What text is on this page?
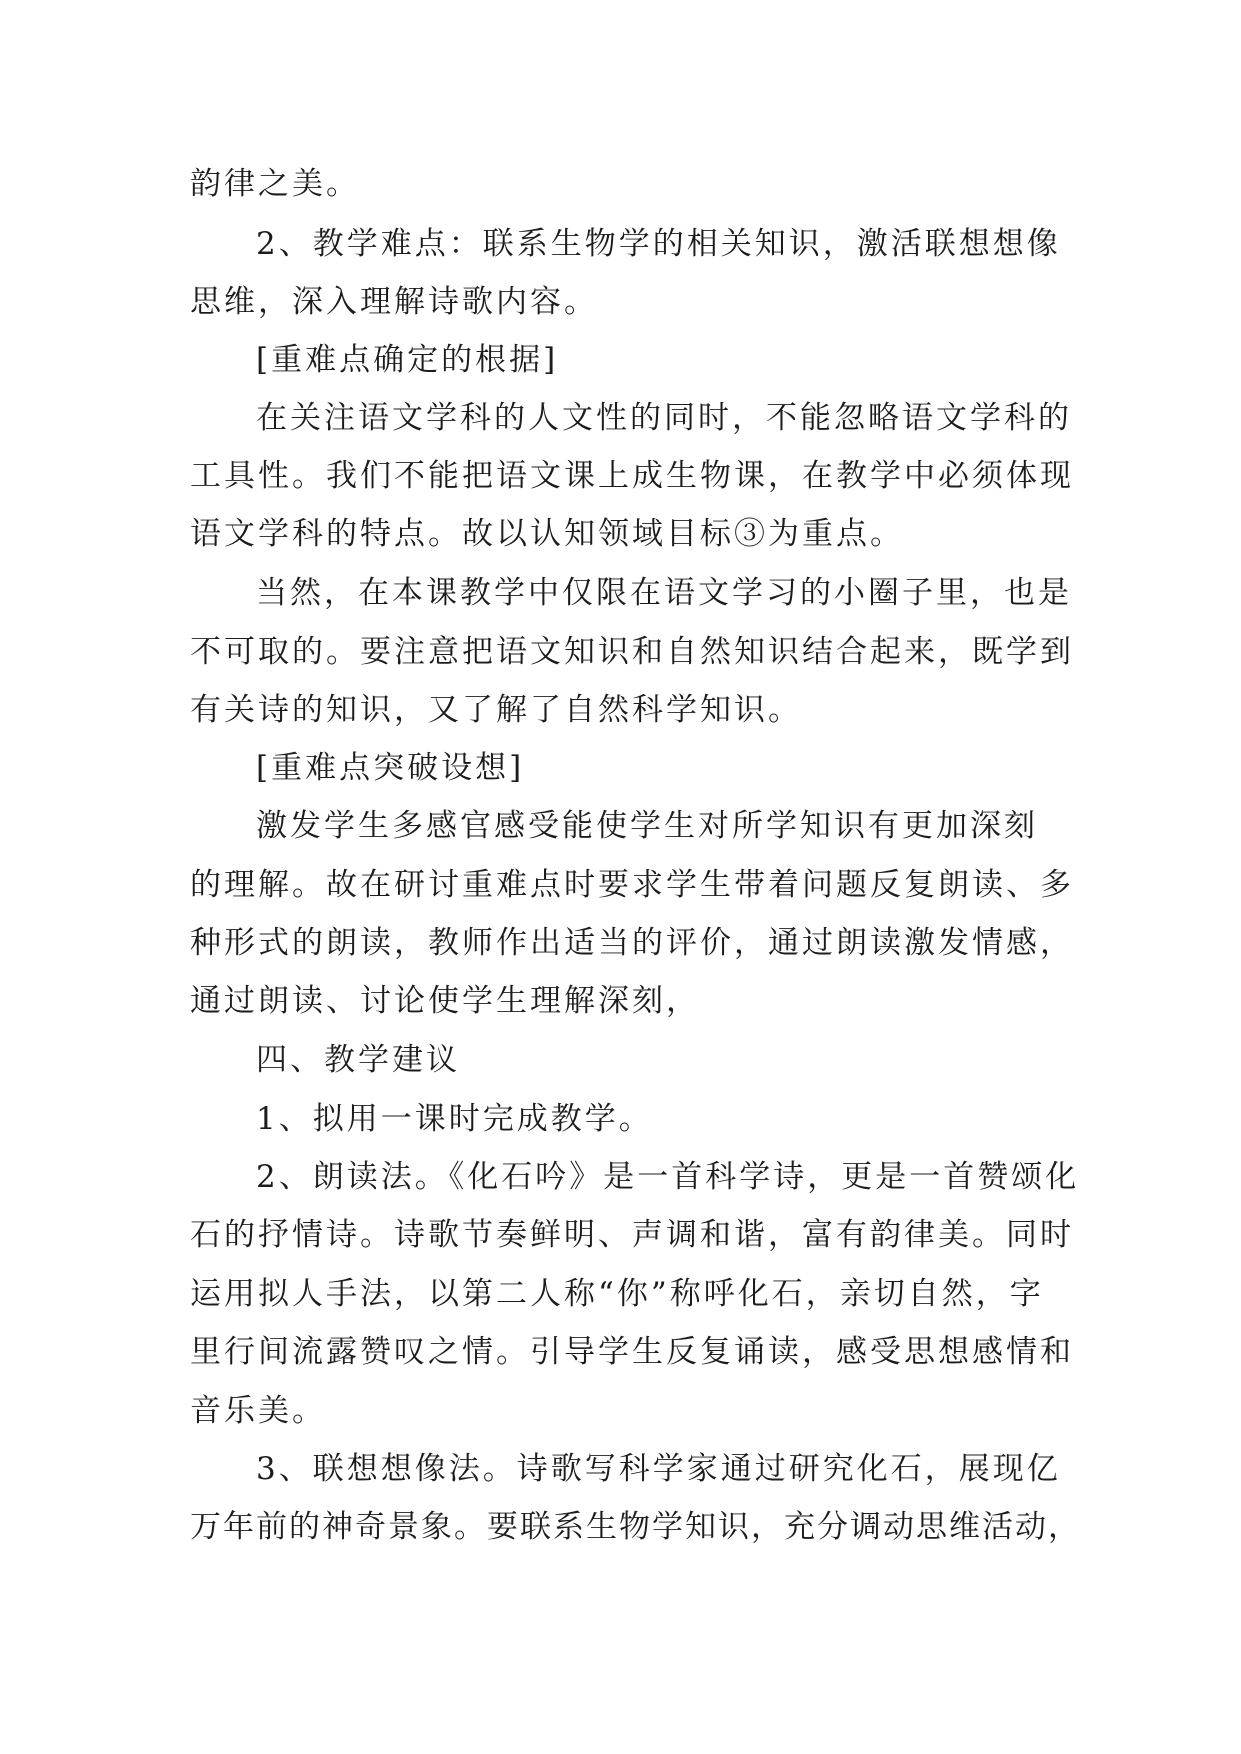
韵律之美。
2、教学难点：联系生物学的相关知识，激活联想想像
思维，深入理解诗歌内容。
[重难点确定的根据]
在关注语文学科的人文性的同时，不能忽略语文学科的
工具性。我们不能把语文课上成生物课，在教学中必须体现
语文学科的特点。故以认知领域目标③为重点。
当然，在本课教学中仅限在语文学习的小圈子里，也是
不可取的。要注意把语文知识和自然知识结合起来，既学到
有关诗的知识，又了解了自然科学知识。
[重难点突破设想]
激发学生多感官感受能使学生对所学知识有更加深刻
的理解。故在研讨重难点时要求学生带着问题反复朗读、多
种形式的朗读，教师作出适当的评价，通过朗读激发情感，
通过朗读、讨论使学生理解深刻，
四、教学建议
1、拟用一课时完成教学。
2、朗读法。《化石吟》是一首科学诗，更是一首赞颂化
石的抒情诗。诗歌节奏鲜明、声调和谐，富有韵律美。同时
运用拟人手法，以第二人称“你”称呼化石，亲切自然，字
里行间流露赞叹之情。引导学生反复诵读，感受思想感情和
音乐美。
3、联想想像法。诗歌写科学家通过研究化石，展现亿
万年前的神奇景象。要联系生物学知识，充分调动思维活动，
